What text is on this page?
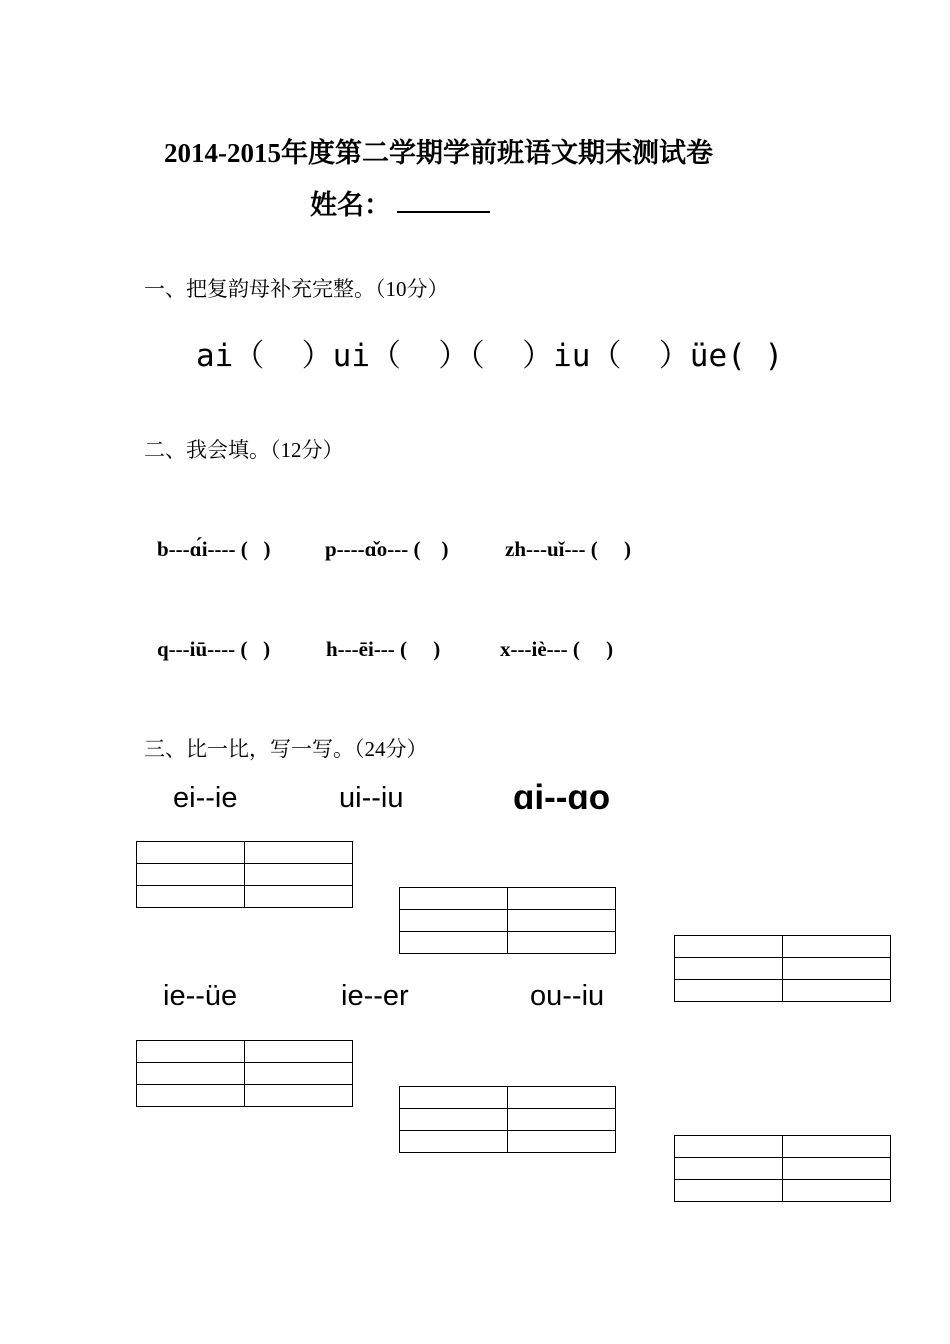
2014-2015年度第二学期学前班语文期末测试卷
姓名：
一、把复韵母补充完整。（10分）
ai（  ）ui（  ）（  ）iu（  ）üe( )
二、我会填。（12分）
b---ɑ́i---- (   )	p----ɑ̌o--- (    )	zh---uǐ--- (     )
q---iū---- (   )	h---ēi--- (     )	x---iè--- (     )
三、比一比，写一写。（24分）
ei--ie	ui--iu	ɑi--ɑo

ie--üe	ie--er	ou--iu
